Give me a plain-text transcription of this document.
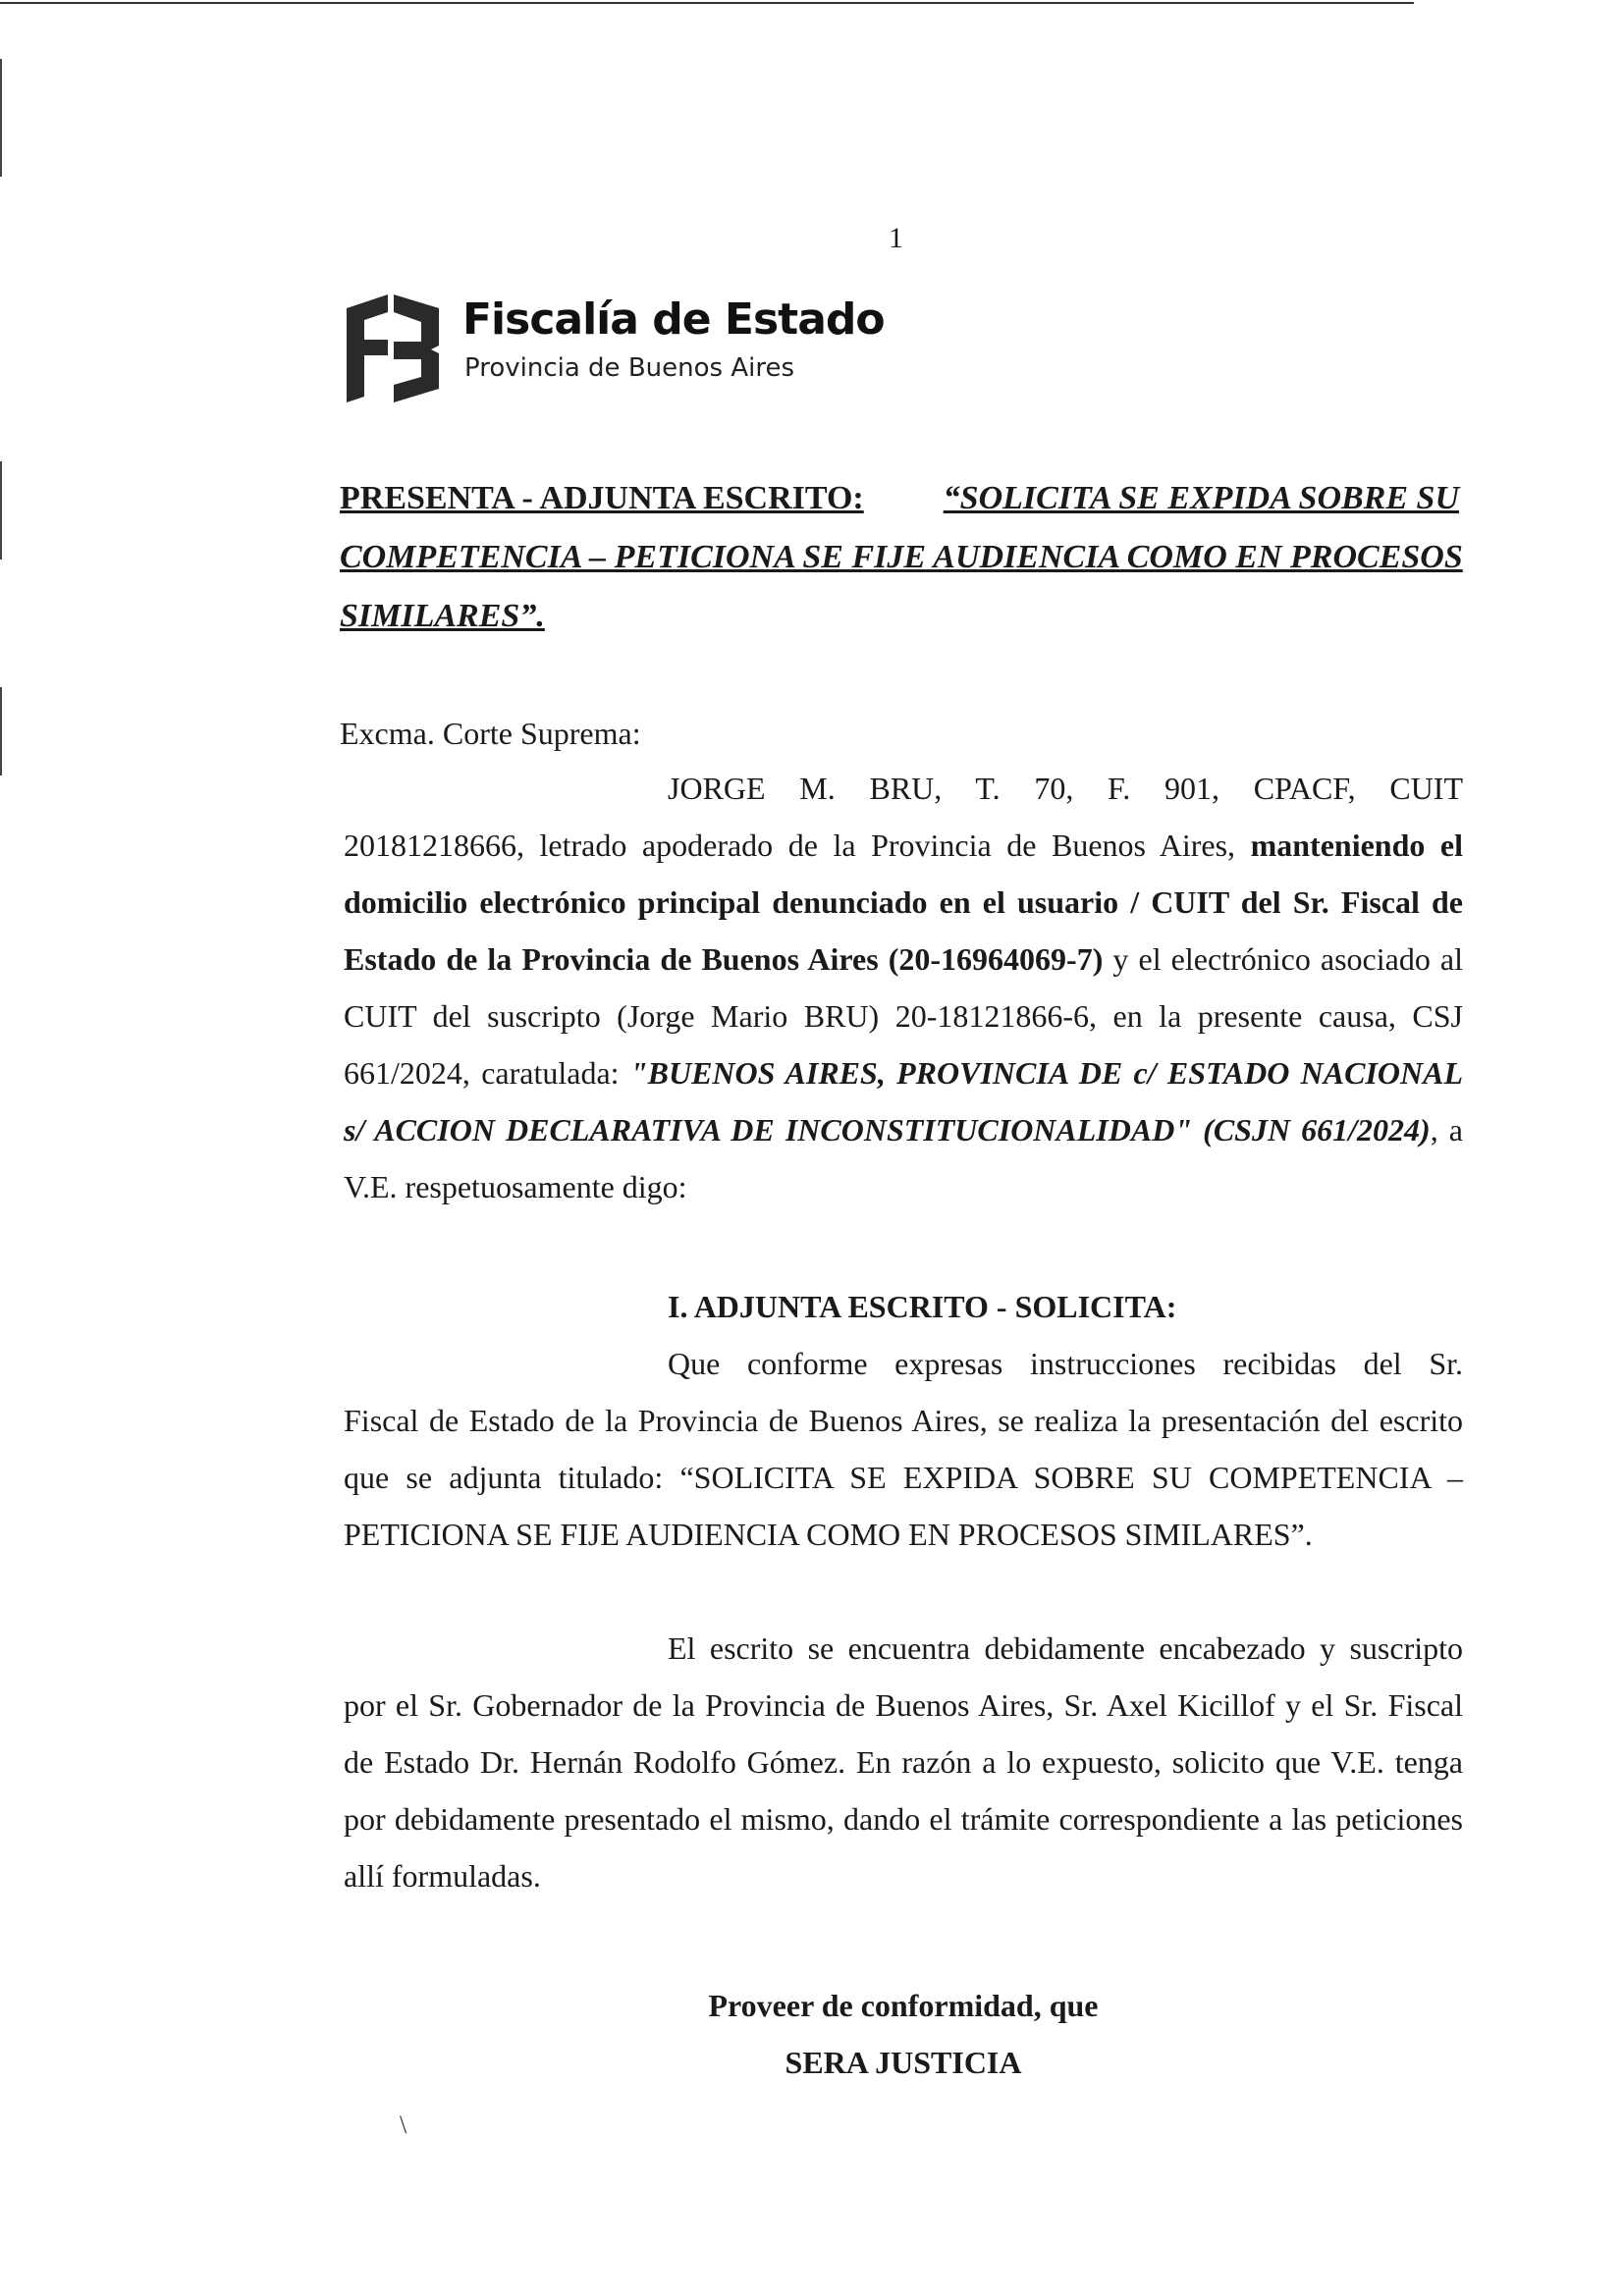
1
Fiscalía de Estado
Provincia de Buenos Aires
PRESENTA - ADJUNTA ESCRITO: “SOLICITA SE EXPIDA SOBRE SU
COMPETENCIA – PETICIONA SE FIJE AUDIENCIA COMO EN PROCESOS
SIMILARES”.
Excma. Corte Suprema:
JORGE M. BRU, T. 70, F. 901, CPACF, CUIT
20181218666, letrado apoderado de la Provincia de Buenos Aires, manteniendo el domicilio electrónico principal denunciado en el usuario / CUIT del Sr. Fiscal de Estado de la Provincia de Buenos Aires (20-16964069-7) y el electrónico asociado al CUIT del suscripto (Jorge Mario BRU) 20-18121866-6, en la presente causa, CSJ 661/2024, caratulada: "BUENOS AIRES, PROVINCIA DE c/ ESTADO NACIONAL s/ ACCION DECLARATIVA DE INCONSTITUCIONALIDAD" (CSJN 661/2024), a V.E. respetuosamente digo:
I. ADJUNTA ESCRITO - SOLICITA:
Que conforme expresas instrucciones recibidas del Sr.
Fiscal de Estado de la Provincia de Buenos Aires, se realiza la presentación del escrito que se adjunta titulado: “SOLICITA SE EXPIDA SOBRE SU COMPETENCIA – PETICIONA SE FIJE AUDIENCIA COMO EN PROCESOS SIMILARES”.
El escrito se encuentra debidamente encabezado y suscripto
por el Sr. Gobernador de la Provincia de Buenos Aires, Sr. Axel Kicillof y el Sr. Fiscal de Estado Dr. Hernán Rodolfo Gómez. En razón a lo expuesto, solicito que V.E. tenga por debidamente presentado el mismo, dando el trámite correspondiente a las peticiones allí formuladas.
Proveer de conformidad, que
SERA JUSTICIA
\
